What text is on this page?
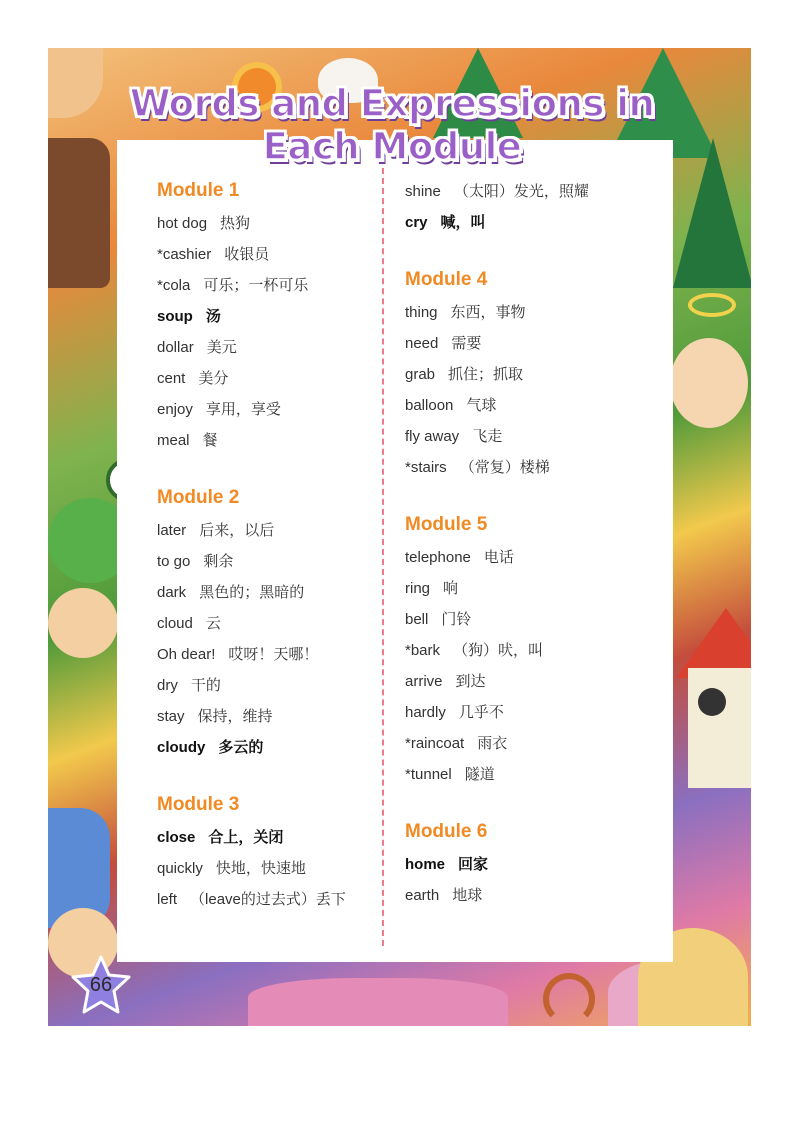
Words and Expressions in Each Module
Module 1
hot dog 热狗
*cashier 收银员
*cola 可乐；一杯可乐
soup 汤
dollar 美元
cent 美分
enjoy 享用，享受
meal 餐
Module 2
later 后来，以后
to go 剩余
dark 黑色的；黑暗的
cloud 云
Oh dear! 哎呀！天哪！
dry 干的
stay 保持，维持
cloudy 多云的
Module 3
close 合上，关闭
quickly 快地，快速地
left （leave的过去式）丢下
shine （太阳）发光，照耀
cry 喊，叫
Module 4
thing 东西，事物
need 需要
grab 抓住；抓取
balloon 气球
fly away 飞走
*stairs （常复）楼梯
Module 5
telephone 电话
ring 响
bell 门铃
*bark （狗）吠，叫
arrive 到达
hardly 几乎不
*raincoat 雨衣
*tunnel 隧道
Module 6
home 回家
earth 地球
66
